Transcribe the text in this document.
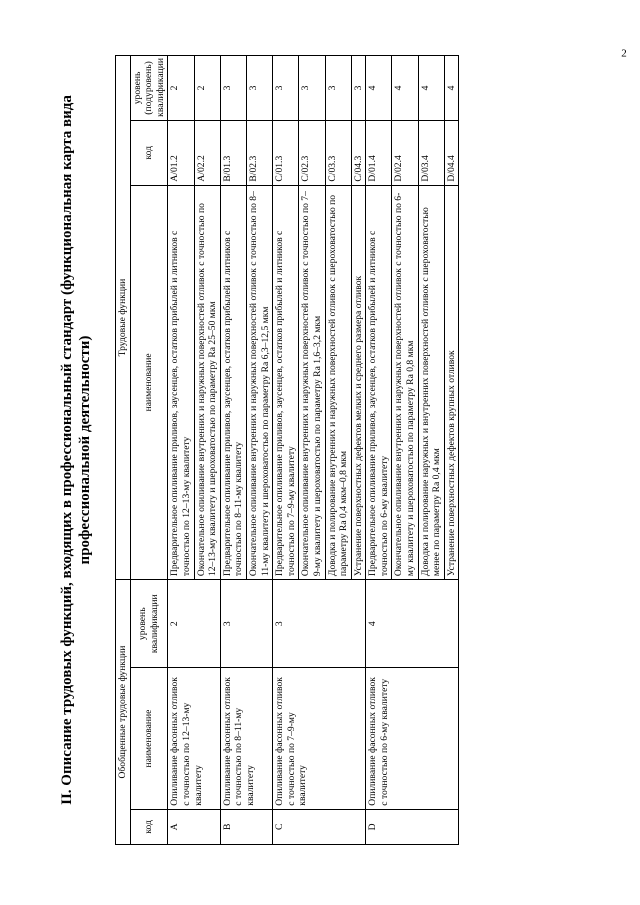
2
II. Описание трудовых функций, входящих в профессиональный стандарт (функциональная карта вида профессиональной деятельности)
Обобщенные трудовые функции			Трудовые функции		
код	наименование	уровень квалификации	наименование	код	уровень (подуровень) квалификации
A	Опиливание фасонных отливок с точностью по 12–13-му квалитету	2	Предварительное опиливание приливов, заусенцев, остатков прибылей и литников с точностью по 12–13-му квалитету	A/01.2	2
			Окончательное опиливание внутренних и наружных поверхностей отливок с точностью по 12–13-му квалитету и шероховатостью по параметру Ra 25–50 мкм	A/02.2	2
B	Опиливание фасонных отливок с точностью по 8–11-му квалитету	3	Предварительное опиливание приливов, заусенцев, остатков прибылей и литников с точностью по 8–11-му квалитету	B/01.3	3
			Окончательное опиливание внутренних и наружных поверхностей отливок с точностью по 8–11-му квалитету и шероховатостью по параметру Ra 6,3–12,5 мкм	B/02.3	3
C	Опиливание фасонных отливок с точностью по 7–9-му квалитету	3	Предварительное опиливание приливов, заусенцев, остатков прибылей и литников с точностью по 7–9-му квалитету	C/01.3	3
			Окончательное опиливание внутренних и наружных поверхностей отливок с точностью по 7–9-му квалитету и шероховатостью по параметру Ra 1,6–3,2 мкм	C/02.3	3
			Доводка и полирование внутренних и наружных поверхностей отливок с шероховатостью по параметру Ra 0,4 мкм–0,8 мкм	C/03.3	3
			Устранение поверхностных дефектов мелких и среднего размера отливок	C/04.3	3
D	Опиливание фасонных отливок с точностью по 6-му квалитету	4	Предварительное опиливание приливов, заусенцев, остатков прибылей и литников с точностью по 6-му квалитету	D/01.4	4
			Окончательное опиливание внутренних и наружных поверхностей отливок с точностью по 6-му квалитету и шероховатостью по параметру Ra 0,8 мкм	D/02.4	4
			Доводка и полирование наружных и внутренних поверхностей отливок с шероховатостью менее по параметру Ra 0,4 мкм	D/03.4	4
			Устранение поверхностных дефектов крупных отливок	D/04.4	4
